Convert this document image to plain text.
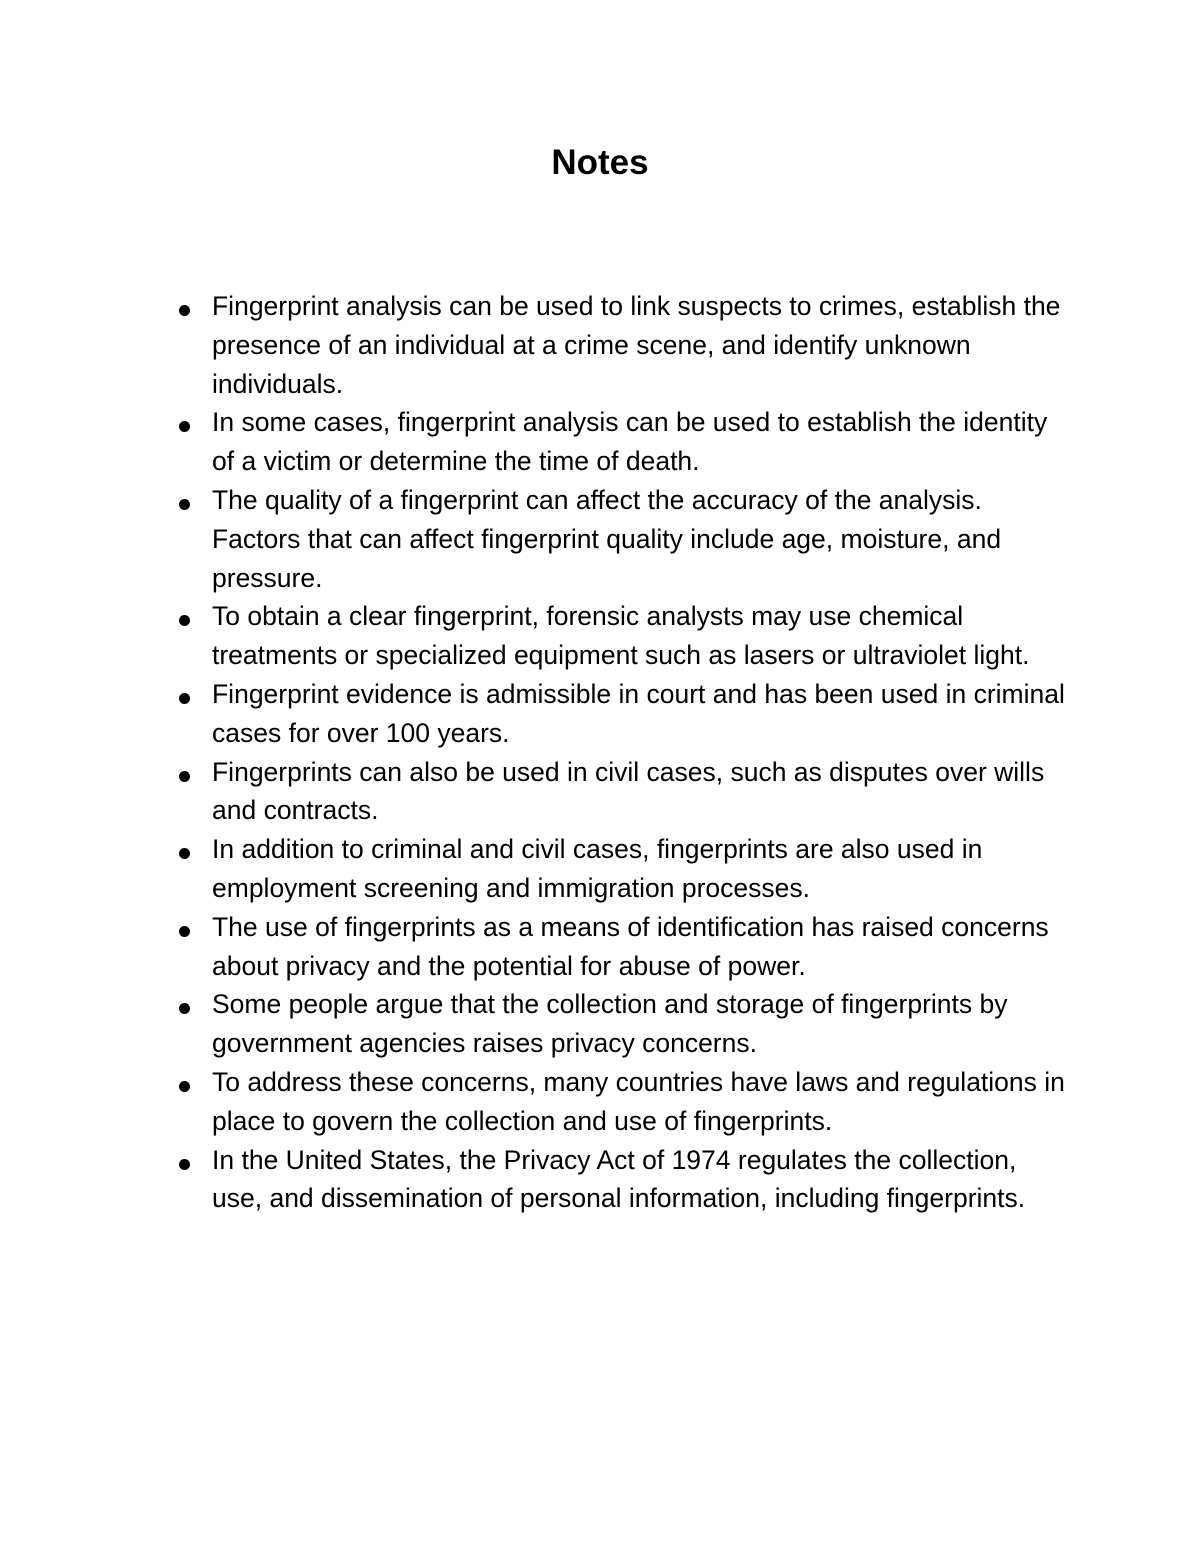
Notes
Fingerprint analysis can be used to link suspects to crimes, establish the presence of an individual at a crime scene, and identify unknown individuals.
In some cases, fingerprint analysis can be used to establish the identity of a victim or determine the time of death.
The quality of a fingerprint can affect the accuracy of the analysis. Factors that can affect fingerprint quality include age, moisture, and pressure.
To obtain a clear fingerprint, forensic analysts may use chemical treatments or specialized equipment such as lasers or ultraviolet light.
Fingerprint evidence is admissible in court and has been used in criminal cases for over 100 years.
Fingerprints can also be used in civil cases, such as disputes over wills and contracts.
In addition to criminal and civil cases, fingerprints are also used in employment screening and immigration processes.
The use of fingerprints as a means of identification has raised concerns about privacy and the potential for abuse of power.
Some people argue that the collection and storage of fingerprints by government agencies raises privacy concerns.
To address these concerns, many countries have laws and regulations in place to govern the collection and use of fingerprints.
In the United States, the Privacy Act of 1974 regulates the collection, use, and dissemination of personal information, including fingerprints.
